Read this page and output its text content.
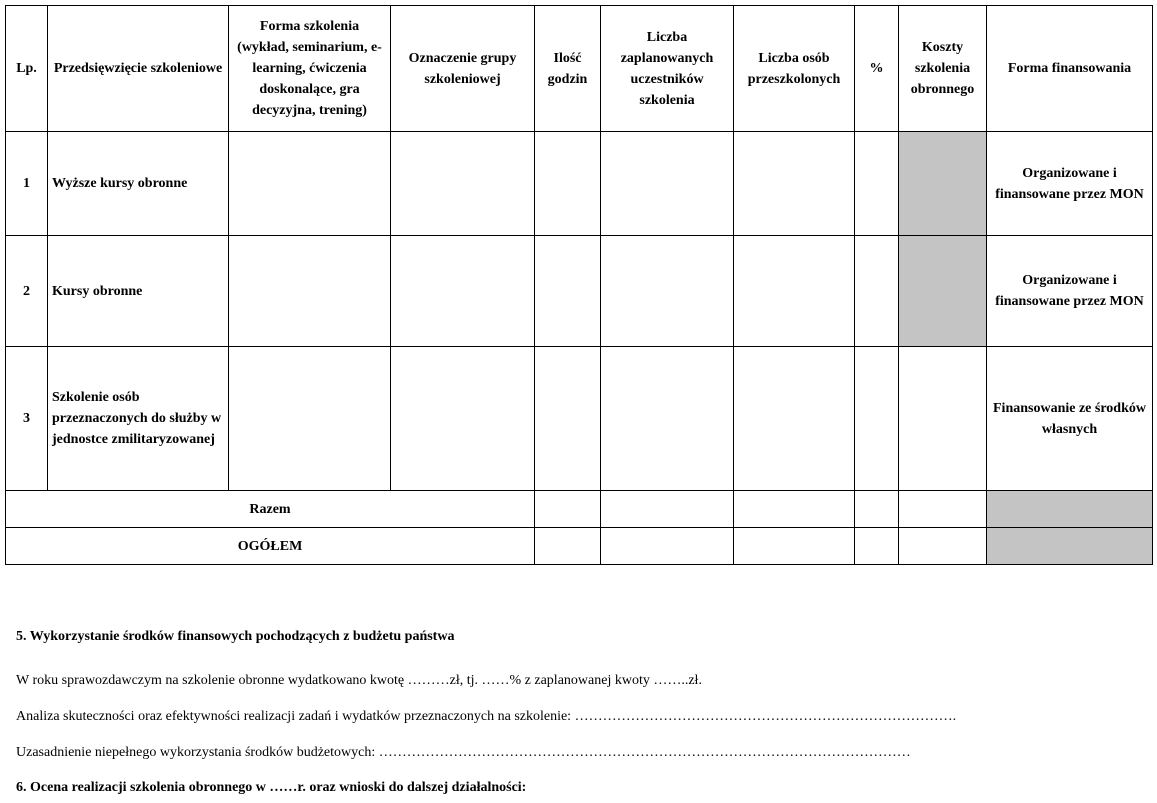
Lp.	Przedsięwzięcie szkoleniowe	Forma szkolenia (wykład, seminarium, e-learning, ćwiczenia doskonalące, gra decyzyjna, trening)	Oznaczenie grupy szkoleniowej	Ilość godzin	Liczba zaplanowanych uczestników szkolenia	Liczba osób przeszkolonych	%	Koszty szkolenia obronnego	Forma finansowania
1	Wyższe kursy obronne								Organizowane i finansowane przez MON
2	Kursy obronne								Organizowane i finansowane przez MON
3	Szkolenie osób przeznaczonych do służby w jednostce zmilitaryzowanej								Finansowanie ze środków własnych
Razem									
OGÓŁEM									
5. Wykorzystanie środków finansowych pochodzących z budżetu państwa
W roku sprawozdawczym na szkolenie obronne wydatkowano kwotę ………zł, tj. ……% z zaplanowanej kwoty ……..zł.
Analiza skuteczności oraz efektywności realizacji zadań i wydatków przeznaczonych na szkolenie: ……………………………………………………………………….
Uzasadnienie niepełnego wykorzystania środków budżetowych: ……………………………………………………………………………………………………
6. Ocena realizacji szkolenia obronnego w ……r. oraz wnioski do dalszej działalności:
